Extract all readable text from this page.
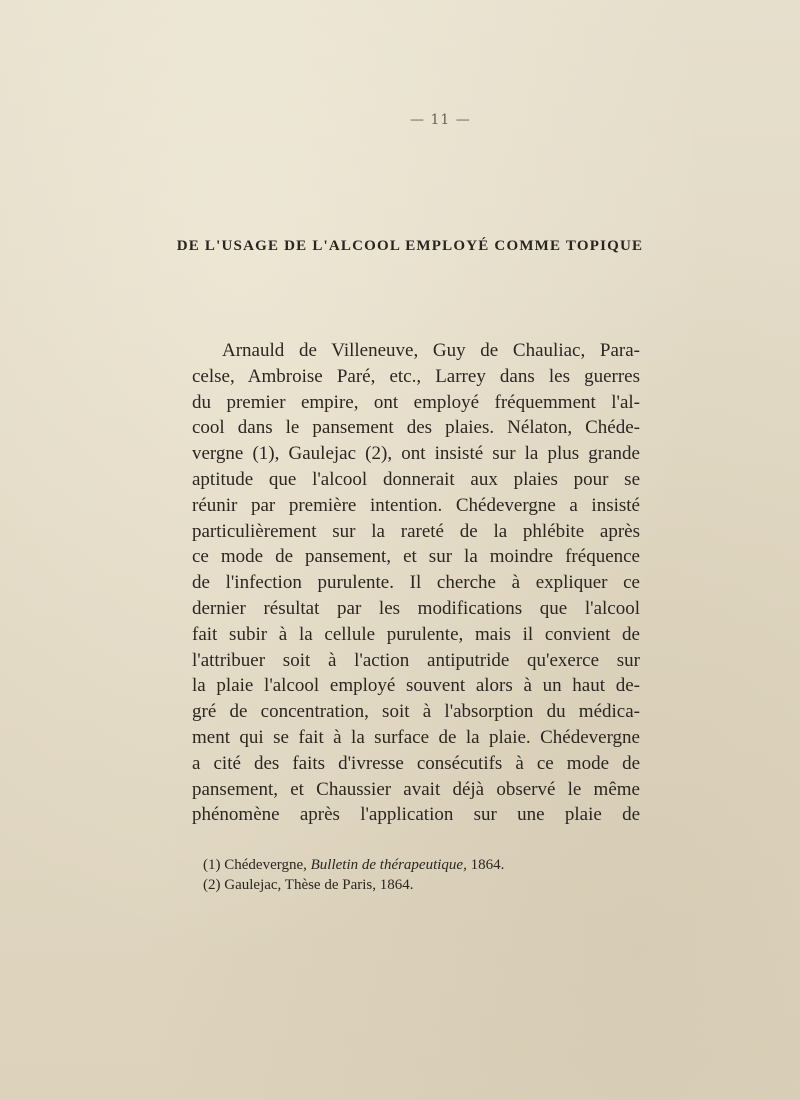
— 11 —
DE L'USAGE DE L'ALCOOL EMPLOYÉ COMME TOPIQUE
Arnauld de Villeneuve, Guy de Chauliac, Para-
celse, Ambroise Paré, etc., Larrey dans les guerres
du premier empire, ont employé fréquemment l'al-
cool dans le pansement des plaies. Nélaton, Chéde-
vergne (1), Gaulejac (2), ont insisté sur la plus grande
aptitude que l'alcool donnerait aux plaies pour se
réunir par première intention. Chédevergne a insisté
particulièrement sur la rareté de la phlébite après
ce mode de pansement, et sur la moindre fréquence
de l'infection purulente. Il cherche à expliquer ce
dernier résultat par les modifications que l'alcool
fait subir à la cellule purulente, mais il convient de
l'attribuer soit à l'action antiputride qu'exerce sur
la plaie l'alcool employé souvent alors à un haut de-
gré de concentration, soit à l'absorption du médica-
ment qui se fait à la surface de la plaie. Chédevergne
a cité des faits d'ivresse consécutifs à ce mode de
pansement, et Chaussier avait déjà observé le même
phénomène après l'application sur une plaie de
(1) Chédevergne, Bulletin de thérapeutique, 1864.
(2) Gaulejac, Thèse de Paris, 1864.
